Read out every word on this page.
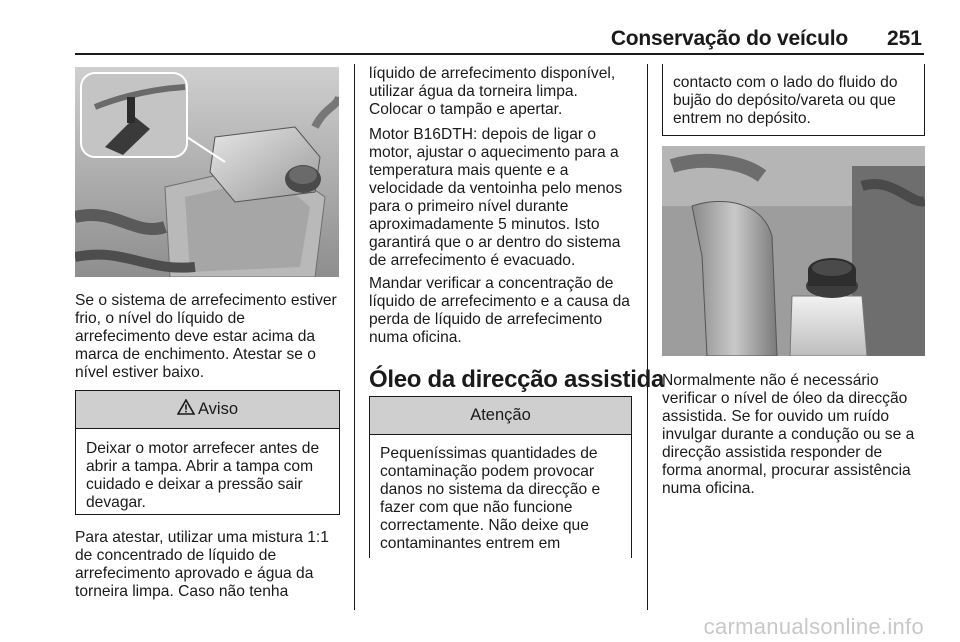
Conservação do veículo 251

Se o sistema de arrefecimento estiver

frio, o nível do líquido de

arrefecimento deve estar acima da

marca de enchimento. Atestar se o

nível estiver baixo.

Aviso
Deixar o motor arrefecer antes de
abrir a tampa. Abrir a tampa com
cuidado e deixar a pressão sair
devagar.

Para atestar, utilizar uma mistura 1:1

de concentrado de líquido de

arrefecimento aprovado e água da

torneira limpa. Caso não tenha

líquido de arrefecimento disponível,

utilizar água da torneira limpa.

Colocar o tampão e apertar.

Motor B16DTH: depois de ligar o

motor, ajustar o aquecimento para a

temperatura mais quente e a

velocidade da ventoinha pelo menos

para o primeiro nível durante

aproximadamente 5 minutos. Isto

garantirá que o ar dentro do sistema

de arrefecimento é evacuado.

Mandar verificar a concentração de

líquido de arrefecimento e a causa da

perda de líquido de arrefecimento

numa oficina.

Óleo da direcção assistida
Atenção
Pequeníssimas quantidades de
contaminação podem provocar
danos no sistema da direcção e
fazer com que não funcione
correctamente. Não deixe que
contaminantes entrem em
contacto com o lado do fluido do
bujão do depósito/vareta ou que
entrem no depósito.

Normalmente não é necessário

verificar o nível de óleo da direcção

assistida. Se for ouvido um ruído

invulgar durante a condução ou se a

direcção assistida responder de

forma anormal, procurar assistência

numa oficina.

carmanualsonline.info
